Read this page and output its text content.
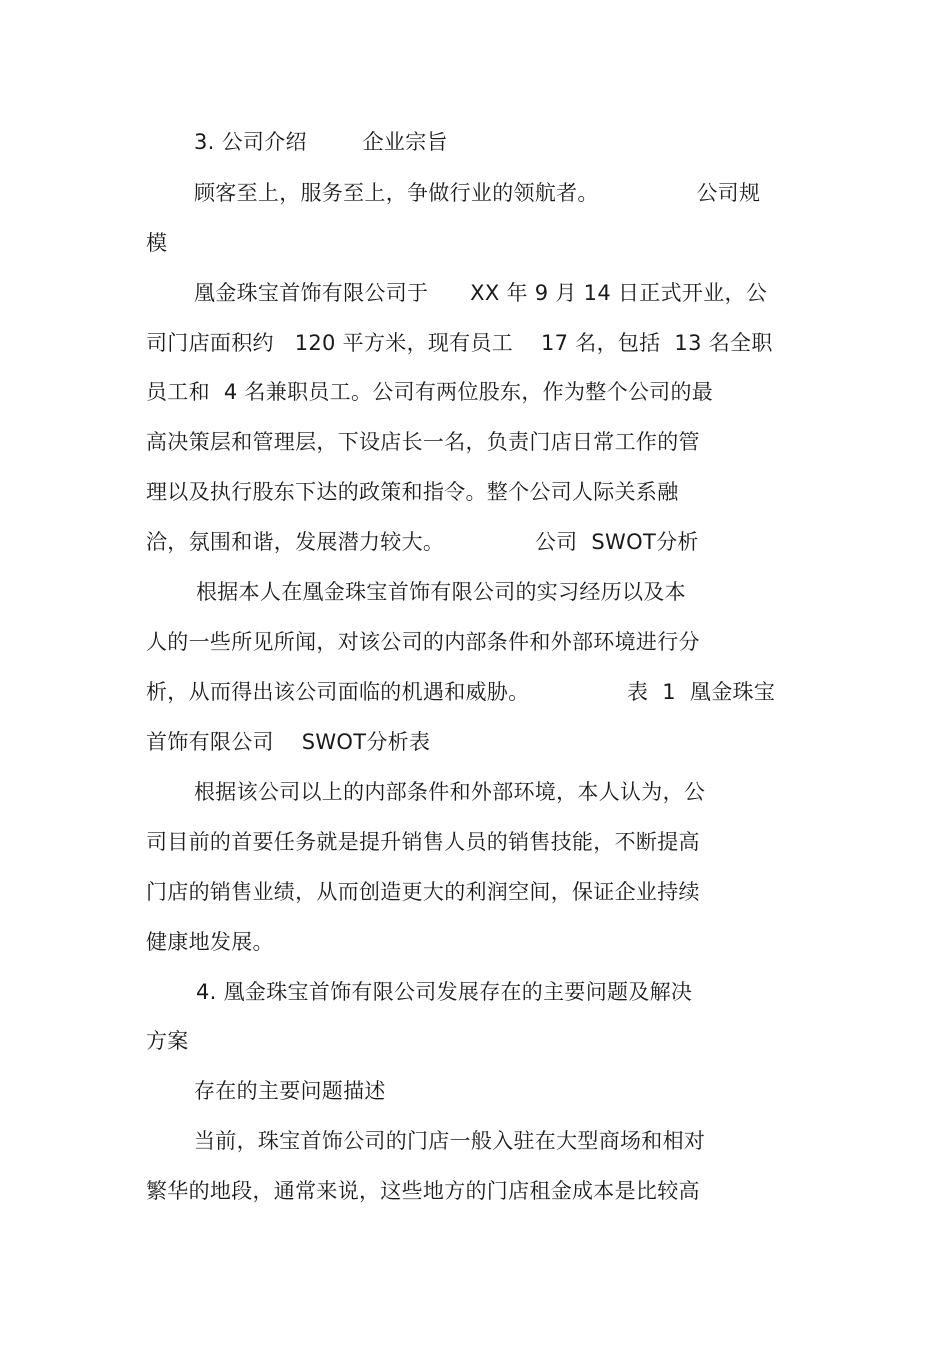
3. 公司介绍        企业宗旨
顾客至上，服务至上，争做行业的领航者。              公司规
模
凰金珠宝首饰有限公司于      XX 年 9 月 14 日正式开业，公
司门店面积约   120 平方米，现有员工    17 名，包括  13 名全职
员工和  4 名兼职员工。公司有两位股东，作为整个公司的最
高决策层和管理层，下设店长一名，负责门店日常工作的管
理以及执行股东下达的政策和指令。整个公司人际关系融
洽，氛围和谐，发展潜力较大。             公司  SWOT分析
根据本人在凰金珠宝首饰有限公司的实习经历以及本
人的一些所见所闻，对该公司的内部条件和外部环境进行分
析，从而得出该公司面临的机遇和威胁。              表  1  凰金珠宝
首饰有限公司    SWOT分析表
根据该公司以上的内部条件和外部环境，本人认为，公
司目前的首要任务就是提升销售人员的销售技能，不断提高
门店的销售业绩，从而创造更大的利润空间，保证企业持续
健康地发展。
4. 凰金珠宝首饰有限公司发展存在的主要问题及解决
方案
存在的主要问题描述
当前，珠宝首饰公司的门店一般入驻在大型商场和相对
繁华的地段，通常来说，这些地方的门店租金成本是比较高
